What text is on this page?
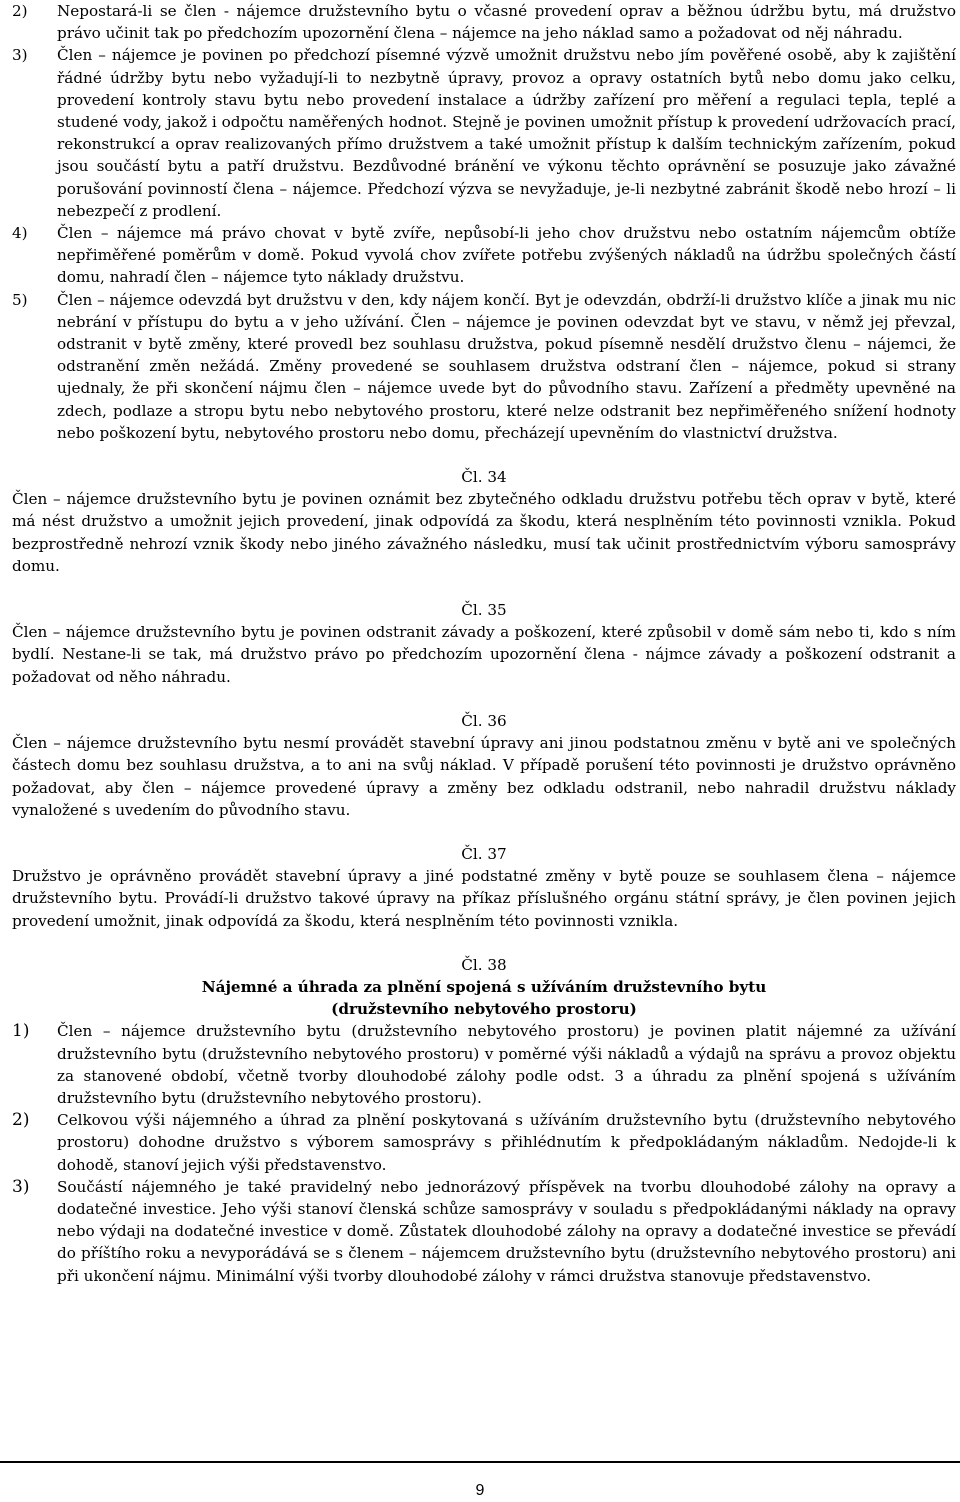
2) Nepostará-li se člen - nájemce družstevního bytu o včasné provedení oprav a běžnou údržbu bytu, má družstvo právo učinit tak po předchozím upozornění člena – nájemce na jeho náklad samo a požadovat od něj náhradu.
3) Člen – nájemce je povinen po předchozí písemné výzvě umožnit družstvu nebo jím pověřené osobě, aby k zajištění řádné údržby bytu nebo vyžadují-li to nezbytně úpravy, provoz a opravy ostatních bytů nebo domu jako celku, provedení kontroly stavu bytu nebo provedení instalace a údržby zařízení pro měření a regulaci tepla, teplé a studené vody, jakož i odpočtu naměřených hodnot. Stejně je povinen umožnit přístup k provedení udržovacích prací, rekonstrukcí a oprav realizovaných přímo družstvem a také umožnit přístup k dalším technickým zařízením, pokud jsou součástí bytu a patří družstvu. Bezdůvodné bránění ve výkonu těchto oprávnění se posuzuje jako závažné porušování povinností člena – nájemce. Předchozí výzva se nevyžaduje, je-li nezbytné zabránit škodě nebo hrozí – li nebezpečí z prodlení.
4) Člen – nájemce má právo chovat v bytě zvíře, nepůsobí-li jeho chov družstvu nebo ostatním nájemcům obtíže nepřiměřené poměrům v domě. Pokud vyvolá chov zvířete potřebu zvýšených nákladů na údržbu společných částí domu, nahradí člen – nájemce tyto náklady družstvu.
5) Člen – nájemce odevzdá byt družstvu v den, kdy nájem končí. Byt je odevzdán, obdrží-li družstvo klíče a jinak mu nic nebrání v přístupu do bytu a v jeho užívání. Člen – nájemce je povinen odevzdat byt ve stavu, v němž jej převzal, odstranit v bytě změny, které provedl bez souhlasu družstva, pokud písemně nesdělí družstvo členu – nájemci, že odstranění změn nežádá. Změny provedené se souhlasem družstva odstraní člen – nájemce, pokud si strany ujednaly, že při skončení nájmu člen – nájemce uvede byt do původního stavu. Zařízení a předměty upevněné na zdech, podlaze a stropu bytu nebo nebytového prostoru, které nelze odstranit bez nepřiměřeného snížení hodnoty nebo poškození bytu, nebytového prostoru nebo domu, přecházejí upevněním do vlastnictví družstva.

Čl. 34

Člen – nájemce družstevního bytu je povinen oznámit bez zbytečného odkladu družstvu potřebu těch oprav v bytě, které má nést družstvo a umožnit jejich provedení, jinak odpovídá za škodu, která nesplněním této povinnosti vznikla. Pokud bezprostředně nehrozí vznik škody nebo jiného závažného následku, musí tak učinit prostřednictvím výboru samosprávy domu.

Čl. 35

Člen – nájemce družstevního bytu je povinen odstranit závady a poškození, které způsobil v domě sám nebo ti, kdo s ním bydlí. Nestane-li se tak, má družstvo právo po předchozím upozornění člena - nájmce závady a poškození odstranit a požadovat od něho náhradu.

Čl. 36

Člen – nájemce družstevního bytu nesmí provádět stavební úpravy ani jinou podstatnou změnu v bytě ani ve společných částech domu bez souhlasu družstva, a to ani na svůj náklad. V případě porušení této povinnosti je družstvo oprávněno požadovat, aby člen – nájemce provedené úpravy a změny bez odkladu odstranil, nebo nahradil družstvu náklady vynaložené s uvedením do původního stavu.

Čl. 37

Družstvo je oprávněno provádět stavební úpravy a jiné podstatné změny v bytě pouze se souhlasem člena – nájemce družstevního bytu. Provádí-li družstvo takové úpravy na příkaz příslušného orgánu státní správy, je člen povinen jejich provedení umožnit, jinak odpovídá za škodu, která nesplněním této povinnosti vznikla.

Čl. 38

Nájemné a úhrada za plnění spojená s užíváním družstevního bytu

(družstevního nebytového prostoru)

1) Člen – nájemce družstevního bytu (družstevního nebytového prostoru) je povinen platit nájemné za užívání družstevního bytu (družstevního nebytového prostoru) v poměrné výši nákladů a výdajů na správu a provoz objektu za stanovené období, včetně tvorby dlouhodobé zálohy podle odst. 3 a úhradu za plnění spojená s užíváním družstevního bytu (družstevního nebytového prostoru).
2) Celkovou výši nájemného a úhrad za plnění poskytovaná s užíváním družstevního bytu (družstevního nebytového prostoru) dohodne družstvo s výborem samosprávy s přihlédnutím k předpokládaným nákladům. Nedojde-li k dohodě, stanoví jejich výši představenstvo.
3) Součástí nájemného je také pravidelný nebo jednorázový příspěvek na tvorbu dlouhodobé zálohy na opravy a dodatečné investice. Jeho výši stanoví členská schůze samosprávy v souladu s předpokládanými náklady na opravy nebo výdaji na dodatečné investice v domě. Zůstatek dlouhodobé zálohy na opravy a dodatečné investice se převádí do příštího roku a nevyporádává se s členem – nájemcem družstevního bytu (družstevního nebytového prostoru) ani při ukončení nájmu. Minimální výši tvorby dlouhodobé zálohy v rámci družstva stanovuje představenstvo.
9
